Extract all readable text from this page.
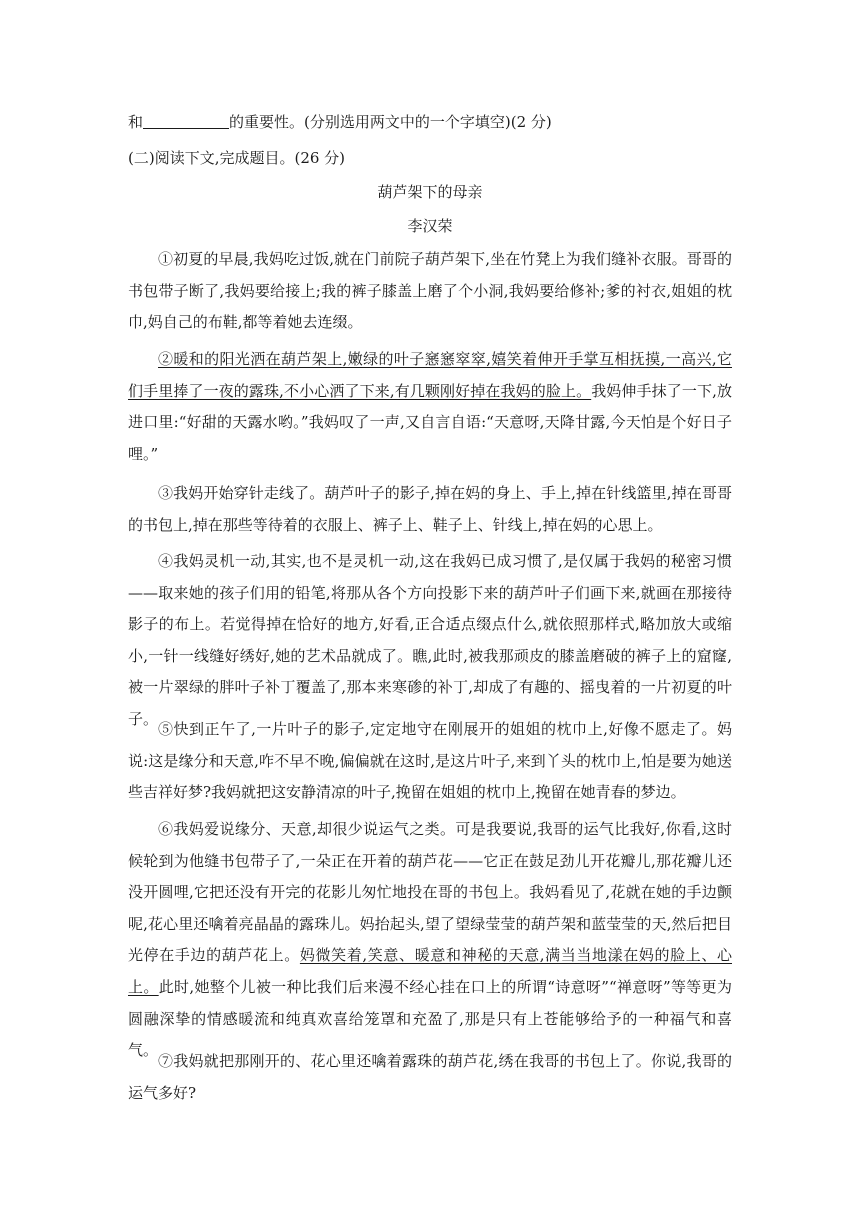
和	的重要性。(分别选用两文中的一个字填空)(2 分)
(二)阅读下文,完成题目。(26 分)
葫芦架下的母亲
李汉荣
①初夏的早晨,我妈吃过饭,就在门前院子葫芦架下,坐在竹凳上为我们缝补衣服。哥哥的书包带子断了,我妈要给接上;我的裤子膝盖上磨了个小洞,我妈要给修补;爹的衬衣,姐姐的枕巾,妈自己的布鞋,都等着她去连缀。
②暖和的阳光洒在葫芦架上,嫩绿的叶子窸窸窣窣,嬉笑着伸开手掌互相抚摸,一高兴,它们手里捧了一夜的露珠,不小心洒了下来,有几颗刚好掉在我妈的脸上。我妈伸手抹了一下,放进口里:“好甜的天露水哟。”我妈叹了一声,又自言自语:“天意呀,天降甘露,今天怕是个好日子哩。”
③我妈开始穿针走线了。葫芦叶子的影子,掉在妈的身上、手上,掉在针线篮里,掉在哥哥的书包上,掉在那些等待着的衣服上、裤子上、鞋子上、针线上,掉在妈的心思上。
④我妈灵机一动,其实,也不是灵机一动,这在我妈已成习惯了,是仅属于我妈的秘密习惯——取来她的孩子们用的铅笔,将那从各个方向投影下来的葫芦叶子们画下来,就画在那接待影子的布上。若觉得掉在恰好的地方,好看,正合适点缀点什么,就依照那样式,略加放大或缩小,一针一线缝好绣好,她的艺术品就成了。瞧,此时,被我那顽皮的膝盖磨破的裤子上的窟窿,被一片翠绿的胖叶子补丁覆盖了,那本来寒碜的补丁,却成了有趣的、摇曳着的一片初夏的叶子。
⑤快到正午了,一片叶子的影子,定定地守在刚展开的姐姐的枕巾上,好像不愿走了。妈说:这是缘分和天意,咋不早不晚,偏偏就在这时,是这片叶子,来到丫头的枕巾上,怕是要为她送些吉祥好梦?我妈就把这安静清凉的叶子,挽留在姐姐的枕巾上,挽留在她青春的梦边。
⑥我妈爱说缘分、天意,却很少说运气之类。可是我要说,我哥的运气比我好,你看,这时候轮到为他缝书包带子了,一朵正在开着的葫芦花——它正在鼓足劲儿开花瓣儿,那花瓣儿还没开圆哩,它把还没有开完的花影儿匆忙地投在哥的书包上。我妈看见了,花就在她的手边颤呢,花心里还噙着亮晶晶的露珠儿。妈抬起头,望了望绿莹莹的葫芦架和蓝莹莹的天,然后把目光停在手边的葫芦花上。妈微笑着,笑意、暖意和神秘的天意,满当当地漾在妈的脸上、心上。此时,她整个儿被一种比我们后来漫不经心挂在口上的所谓“诗意呀”“禅意呀”等等更为圆融深挚的情感暖流和纯真欢喜给笼罩和充盈了,那是只有上苍能够给予的一种福气和喜气。
⑦我妈就把那刚开的、花心里还噙着露珠的葫芦花,绣在我哥的书包上了。你说,我哥的运气多好?
